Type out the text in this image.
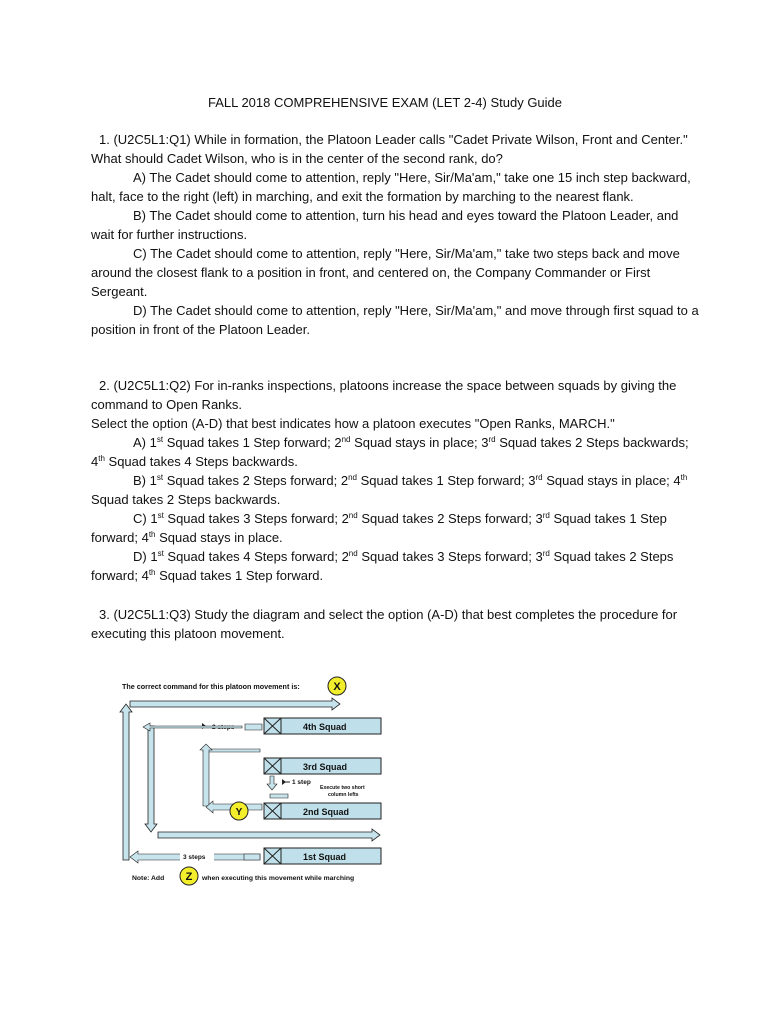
FALL 2018 COMPREHENSIVE EXAM (LET 2-4) Study Guide

1. (U2C5L1:Q1) While in formation, the Platoon Leader calls "Cadet Private Wilson, Front and Center." What should Cadet Wilson, who is in the center of the second rank, do?

A) The Cadet should come to attention, reply "Here, Sir/Ma'am," take one 15 inch step backward, halt, face to the right (left) in marching, and exit the formation by marching to the nearest flank.

B) The Cadet should come to attention, turn his head and eyes toward the Platoon Leader, and wait for further instructions.

C) The Cadet should come to attention, reply "Here, Sir/Ma'am," take two steps back and move around the closest flank to a position in front, and centered on, the Company Commander or First Sergeant.

D) The Cadet should come to attention, reply "Here, Sir/Ma'am," and move through first squad to a position in front of the Platoon Leader.

2. (U2C5L1:Q2) For in-ranks inspections, platoons increase the space between squads by giving the command to Open Ranks.

Select the option (A-D) that best indicates how a platoon executes "Open Ranks, MARCH."

A) 1st Squad takes 1 Step forward; 2nd Squad stays in place; 3rd Squad takes 2 Steps backwards; 4th Squad takes 4 Steps backwards.

B) 1st Squad takes 2 Steps forward; 2nd Squad takes 1 Step forward; 3rd Squad stays in place; 4th Squad takes 2 Steps backwards.

C) 1st Squad takes 3 Steps forward; 2nd Squad takes 2 Steps forward; 3rd Squad takes 1 Step forward; 4th Squad stays in place.

D) 1st Squad takes 4 Steps forward; 2nd Squad takes 3 Steps forward; 3rd Squad takes 2 Steps forward; 4th Squad takes 1 Step forward.

3. (U2C5L1:Q3) Study the diagram and select the option (A-D) that best completes the procedure for executing this platoon movement.

The correct command for this platoon movement is:	X
4th Squad
3rd Squad
1 step
Execute two short
column lefts
Y	2nd Squad
3 steps	1st Squad
Note: Add Z when executing this movement while marching
